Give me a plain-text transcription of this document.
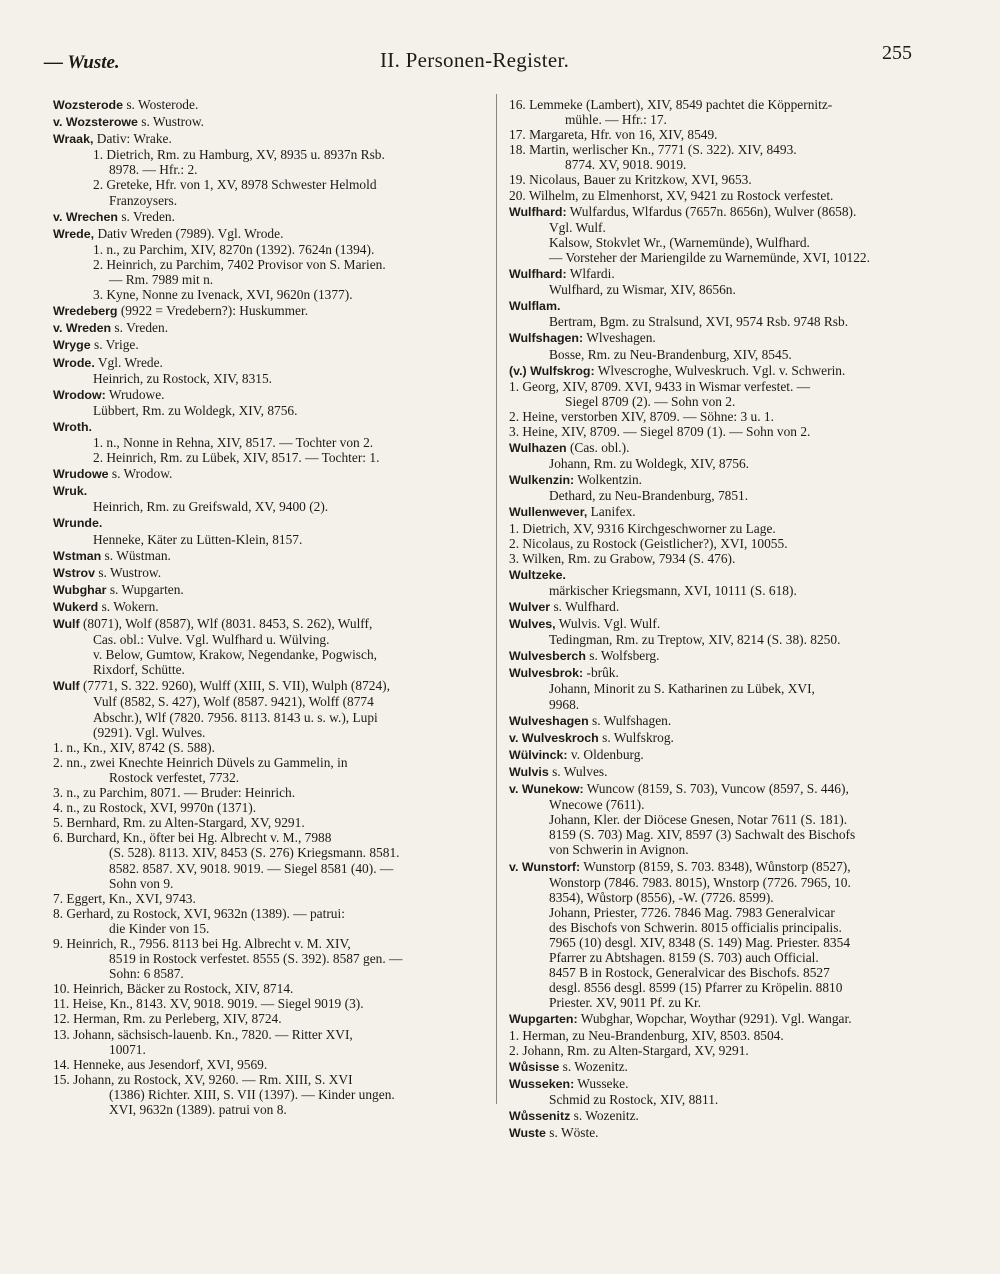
— Wuste.	II. Personen-Register.	255
Wozsterode s. Wosterode.
v. Wozsterowe s. Wustrow.
Wraak, Dativ: Wrake.
1. Dietrich, Rm. zu Hamburg, XV, 8935 u. 8937n Rsb.
8978. — Hfr.: 2.
2. Greteke, Hfr. von 1, XV, 8978 Schwester Helmold
Franzoysers.
v. Wrechen s. Vreden.
Wrede, Dativ Wreden (7989). Vgl. Wrode.
1. n., zu Parchim, XIV, 8270n (1392). 7624n (1394).
2. Heinrich, zu Parchim, 7402 Provisor von S. Marien.
— Rm. 7989 mit n.
3. Kyne, Nonne zu Ivenack, XVI, 9620n (1377).
Wredeberg (9922 = Vredebern?): Huskummer.
v. Wreden s. Vreden.
Wryge s. Vrige.
Wrode. Vgl. Wrede.
Heinrich, zu Rostock, XIV, 8315.
Wrodow: Wrudowe.
Lübbert, Rm. zu Woldegk, XIV, 8756.
Wroth.
1. n., Nonne in Rehna, XIV, 8517. — Tochter von 2.
2. Heinrich, Rm. zu Lübek, XIV, 8517. — Tochter: 1.
Wrudowe s. Wrodow.
Wruk.
Heinrich, Rm. zu Greifswald, XV, 9400 (2).
Wrunde.
Henneke, Käter zu Lütten-Klein, 8157.
Wstman s. Wüstman.
Wstrov s. Wustrow.
Wubghar s. Wupgarten.
Wukerd s. Wokern.
Wulf (8071), Wolf (8587), Wlf (8031. 8453, S. 262), Wulff,
Cas. obl.: Vulve. Vgl. Wulfhard u. Wülving.
v. Below, Gumtow, Krakow, Negendanke, Pogwisch,
Rixdorf, Schütte.
Wulf (7771, S. 322. 9260), Wulff (XIII, S. VII), Wulph (8724),
Vulf (8582, S. 427), Wolf (8587. 9421), Wolff (8774
Abschr.), Wlf (7820. 7956. 8113. 8143 u. s. w.), Lupi
(9291). Vgl. Wulves.
1. n., Kn., XIV, 8742 (S. 588).
2. nn., zwei Knechte Heinrich Düvels zu Gammelin, in
Rostock verfestet, 7732.
3. n., zu Parchim, 8071. — Bruder: Heinrich.
4. n., zu Rostock, XVI, 9970n (1371).
5. Bernhard, Rm. zu Alten-Stargard, XV, 9291.
6. Burchard, Kn., öfter bei Hg. Albrecht v. M., 7988
(S. 528). 8113. XIV, 8453 (S. 276) Kriegsmann. 8581.
8582. 8587. XV, 9018. 9019. — Siegel 8581 (40). —
Sohn von 9.
7. Eggert, Kn., XVI, 9743.
8. Gerhard, zu Rostock, XVI, 9632n (1389). — patrui:
die Kinder von 15.
9. Heinrich, R., 7956. 8113 bei Hg. Albrecht v. M. XIV,
8519 in Rostock verfestet. 8555 (S. 392). 8587 gen. —
Sohn: 6 8587.
10. Heinrich, Bäcker zu Rostock, XIV, 8714.
11. Heise, Kn., 8143. XV, 9018. 9019. — Siegel 9019 (3).
12. Herman, Rm. zu Perleberg, XIV, 8724.
13. Johann, sächsisch-lauenb. Kn., 7820. — Ritter XVI,
10071.
14. Henneke, aus Jesendorf, XVI, 9569.
15. Johann, zu Rostock, XV, 9260. — Rm. XIII, S. XVI
(1386) Richter. XIII, S. VII (1397). — Kinder ungen.
XVI, 9632n (1389). patrui von 8.
16. Lemmeke (Lambert), XIV, 8549 pachtet die Köppernitz-
mühle. — Hfr.: 17.
17. Margareta, Hfr. von 16, XIV, 8549.
18. Martin, werlischer Kn., 7771 (S. 322). XIV, 8493.
8774. XV, 9018. 9019.
19. Nicolaus, Bauer zu Kritzkow, XVI, 9653.
20. Wilhelm, zu Elmenhorst, XV, 9421 zu Rostock verfestet.
Wulfhard: Wulfardus, Wlfardus (7657n. 8656n), Wulver (8658).
Vgl. Wulf.
Kalsow, Stokvlet Wr., (Warnemünde), Wulfhard.
— Vorsteher der Mariengilde zu Warnemünde, XVI, 10122.
Wulfhard: Wlfardi.
Wulfhard, zu Wismar, XIV, 8656n.
Wulflam.
Bertram, Bgm. zu Stralsund, XVI, 9574 Rsb. 9748 Rsb.
Wulfshagen: Wlveshagen.
Bosse, Rm. zu Neu-Brandenburg, XIV, 8545.
(v.) Wulfskrog: Wlvescroghe, Wulveskruch. Vgl. v. Schwerin.
1. Georg, XIV, 8709. XVI, 9433 in Wismar verfestet. —
Siegel 8709 (2). — Sohn von 2.
2. Heine, verstorben XIV, 8709. — Söhne: 3 u. 1.
3. Heine, XIV, 8709. — Siegel 8709 (1). — Sohn von 2.
Wulhazen (Cas. obl.).
Johann, Rm. zu Woldegk, XIV, 8756.
Wulkenzin: Wolkentzin.
Dethard, zu Neu-Brandenburg, 7851.
Wullenwever, Lanifex.
1. Dietrich, XV, 9316 Kirchgeschworner zu Lage.
2. Nicolaus, zu Rostock (Geistlicher?), XVI, 10055.
3. Wilken, Rm. zu Grabow, 7934 (S. 476).
Wultzeke.
märkischer Kriegsmann, XVI, 10111 (S. 618).
Wulver s. Wulfhard.
Wulves, Wulvis. Vgl. Wulf.
Tedingman, Rm. zu Treptow, XIV, 8214 (S. 38). 8250.
Wulvesberch s. Wolfsberg.
Wulvesbrok: -brûk.
Johann, Minorit zu S. Katharinen zu Lübek, XVI,
9968.
Wulveshagen s. Wulfshagen.
v. Wulveskroch s. Wulfskrog.
Wülvinck: v. Oldenburg.
Wulvis s. Wulves.
v. Wunekow: Wuncow (8159, S. 703), Vuncow (8597, S. 446),
Wnecowe (7611).
Johann, Kler. der Diöcese Gnesen, Notar 7611 (S. 181).
8159 (S. 703) Mag. XIV, 8597 (3) Sachwalt des Bischofs
von Schwerin in Avignon.
v. Wunstorf: Wunstorp (8159, S. 703. 8348), Wůnstorp (8527),
Wonstorp (7846. 7983. 8015), Wnstorp (7726. 7965, 10.
8354), Wůstorp (8556), -W. (7726. 8599).
Johann, Priester, 7726. 7846 Mag. 7983 Generalvicar
des Bischofs von Schwerin. 8015 officialis principalis.
7965 (10) desgl. XIV, 8348 (S. 149) Mag. Priester. 8354
Pfarrer zu Abtshagen. 8159 (S. 703) auch Official.
8457 B in Rostock, Generalvicar des Bischofs. 8527
desgl. 8556 desgl. 8599 (15) Pfarrer zu Kröpelin. 8810
Priester. XV, 9011 Pf. zu Kr.
Wupgarten: Wubghar, Wopchar, Woythar (9291). Vgl. Wangar.
1. Herman, zu Neu-Brandenburg, XIV, 8503. 8504.
2. Johann, Rm. zu Alten-Stargard, XV, 9291.
Wůsisse s. Wozenitz.
Wusseken: Wusseke.
Schmid zu Rostock, XIV, 8811.
Wůssenitz s. Wozenitz.
Wuste s. Wöste.
